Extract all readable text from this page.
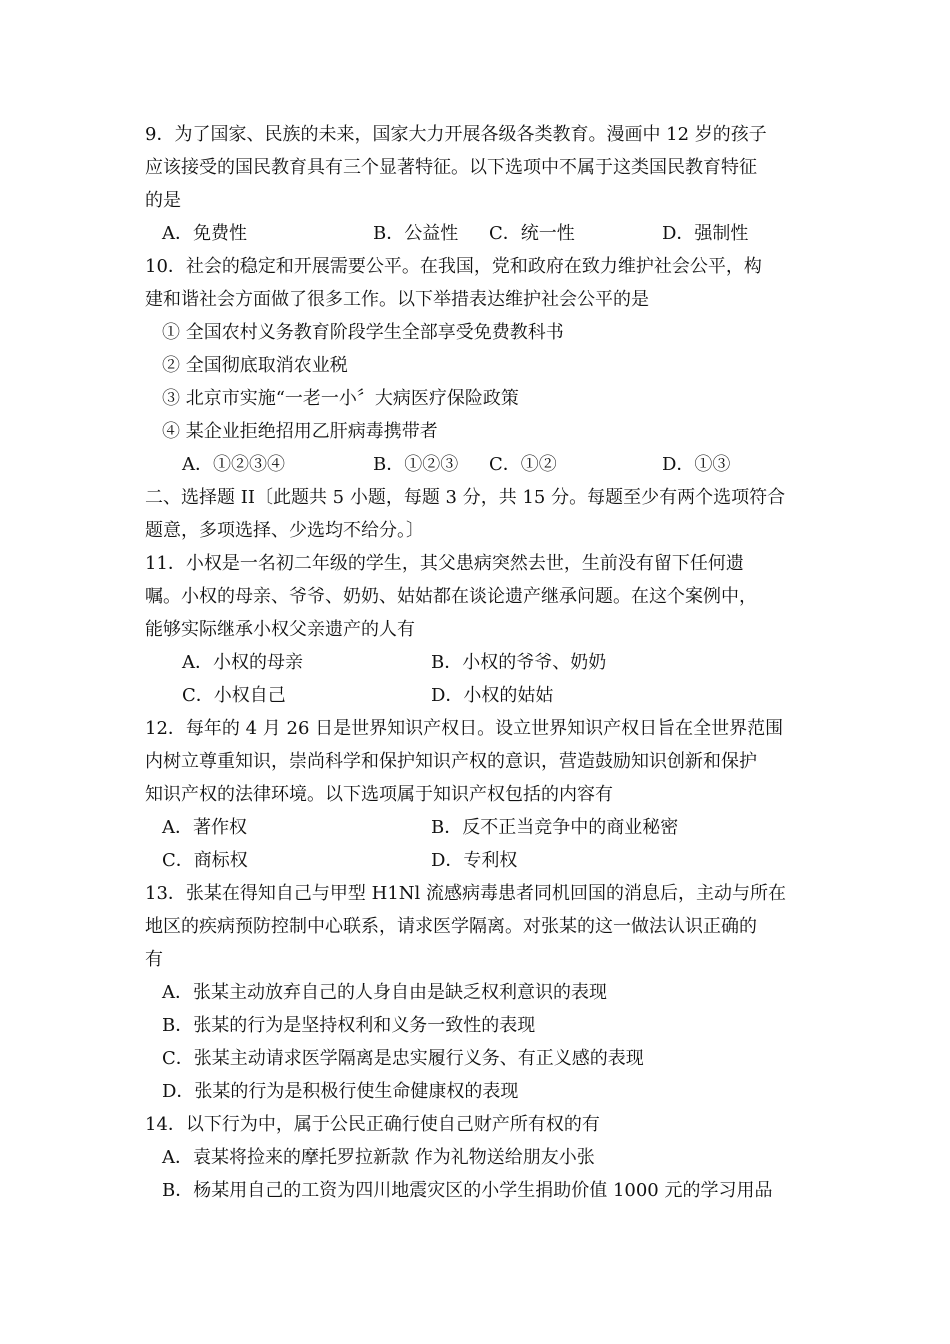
9．为了国家、民族的未来，国家大力开展各级各类教育。漫画中 12 岁的孩子
应该接受的国民教育具有三个显著特征。以下选项中不属于这类国民教育特征
的是
A．免费性	B．公益性 C．统一性	D．强制性
10．社会的稳定和开展需要公平。在我国，党和政府在致力维护社会公平，构
建和谐社会方面做了很多工作。以下举措表达维护社会公平的是
① 全国农村义务教育阶段学生全部享受免费教科书
② 全国彻底取消农业税
③ 北京市实施“一老一小〞大病医疗保险政策
④ 某企业拒绝招用乙肝病毒携带者
A．①②③④	B．①②③ C．①②	D．①③
二、选择题 II〔此题共 5 小题，每题 3 分，共 15 分。每题至少有两个选项符合
题意，多项选择、少选均不给分。〕
11．小权是一名初二年级的学生，其父患病突然去世，生前没有留下任何遗
嘱。小权的母亲、爷爷、奶奶、姑姑都在谈论遗产继承问题。在这个案例中，
能够实际继承小权父亲遗产的人有
A．小权的母亲	B．小权的爷爷、奶奶
C．小权自己	D．小权的姑姑
12．每年的 4 月 26 日是世界知识产权日。设立世界知识产权日旨在全世界范围
内树立尊重知识，崇尚科学和保护知识产权的意识，营造鼓励知识创新和保护
知识产权的法律环境。以下选项属于知识产权包括的内容有
A．著作权	B．反不正当竞争中的商业秘密
C．商标权	D．专利权
13．张某在得知自己与甲型 H1Nl 流感病毒患者同机回国的消息后，主动与所在
地区的疾病预防控制中心联系，请求医学隔离。对张某的这一做法认识正确的
有
A．张某主动放弃自己的人身自由是缺乏权利意识的表现
B．张某的行为是坚持权利和义务一致性的表现
C．张某主动请求医学隔离是忠实履行义务、有正义感的表现
D．张某的行为是积极行使生命健康权的表现
14．以下行为中，属于公民正确行使自己财产所有权的有
A．袁某将捡来的摩托罗拉新款 作为礼物送给朋友小张
B．杨某用自己的工资为四川地震灾区的小学生捐助价值 1000 元的学习用品
